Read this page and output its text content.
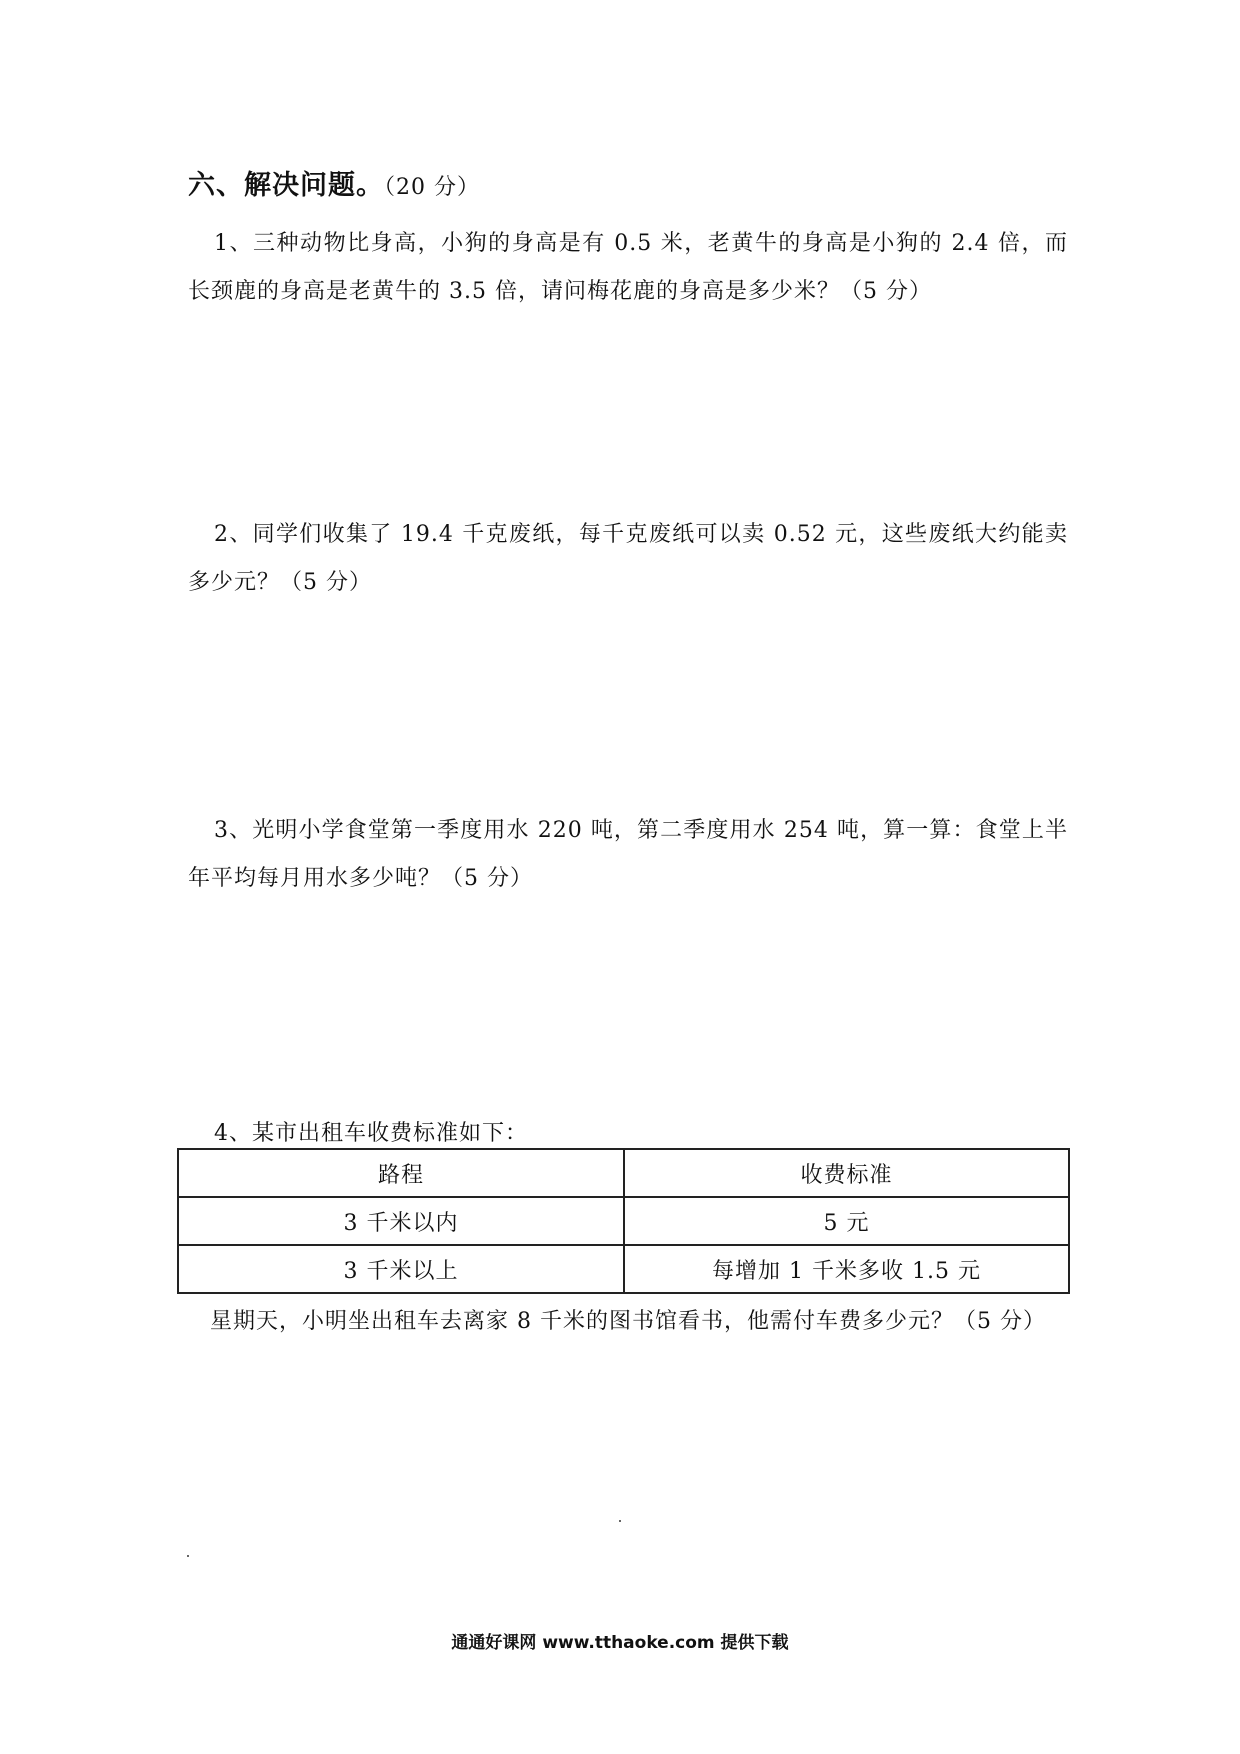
六、解决问题。（20 分）
1、三种动物比身高，小狗的身高是有 0.5 米，老黄牛的身高是小狗的 2.4 倍，而长颈鹿的身高是老黄牛的 3.5 倍，请问梅花鹿的身高是多少米？（5 分）
2、同学们收集了 19.4 千克废纸，每千克废纸可以卖 0.52 元，这些废纸大约能卖多少元？（5 分）
3、光明小学食堂第一季度用水 220 吨，第二季度用水 254 吨，算一算：食堂上半年平均每月用水多少吨？（5 分）
4、某市出租车收费标准如下：
路程	收费标准
3 千米以内	5 元
3 千米以上	每增加 1 千米多收 1.5 元
星期天，小明坐出租车去离家 8 千米的图书馆看书，他需付车费多少元？（5 分）
通通好课网 www.tthaoke.com 提供下载
